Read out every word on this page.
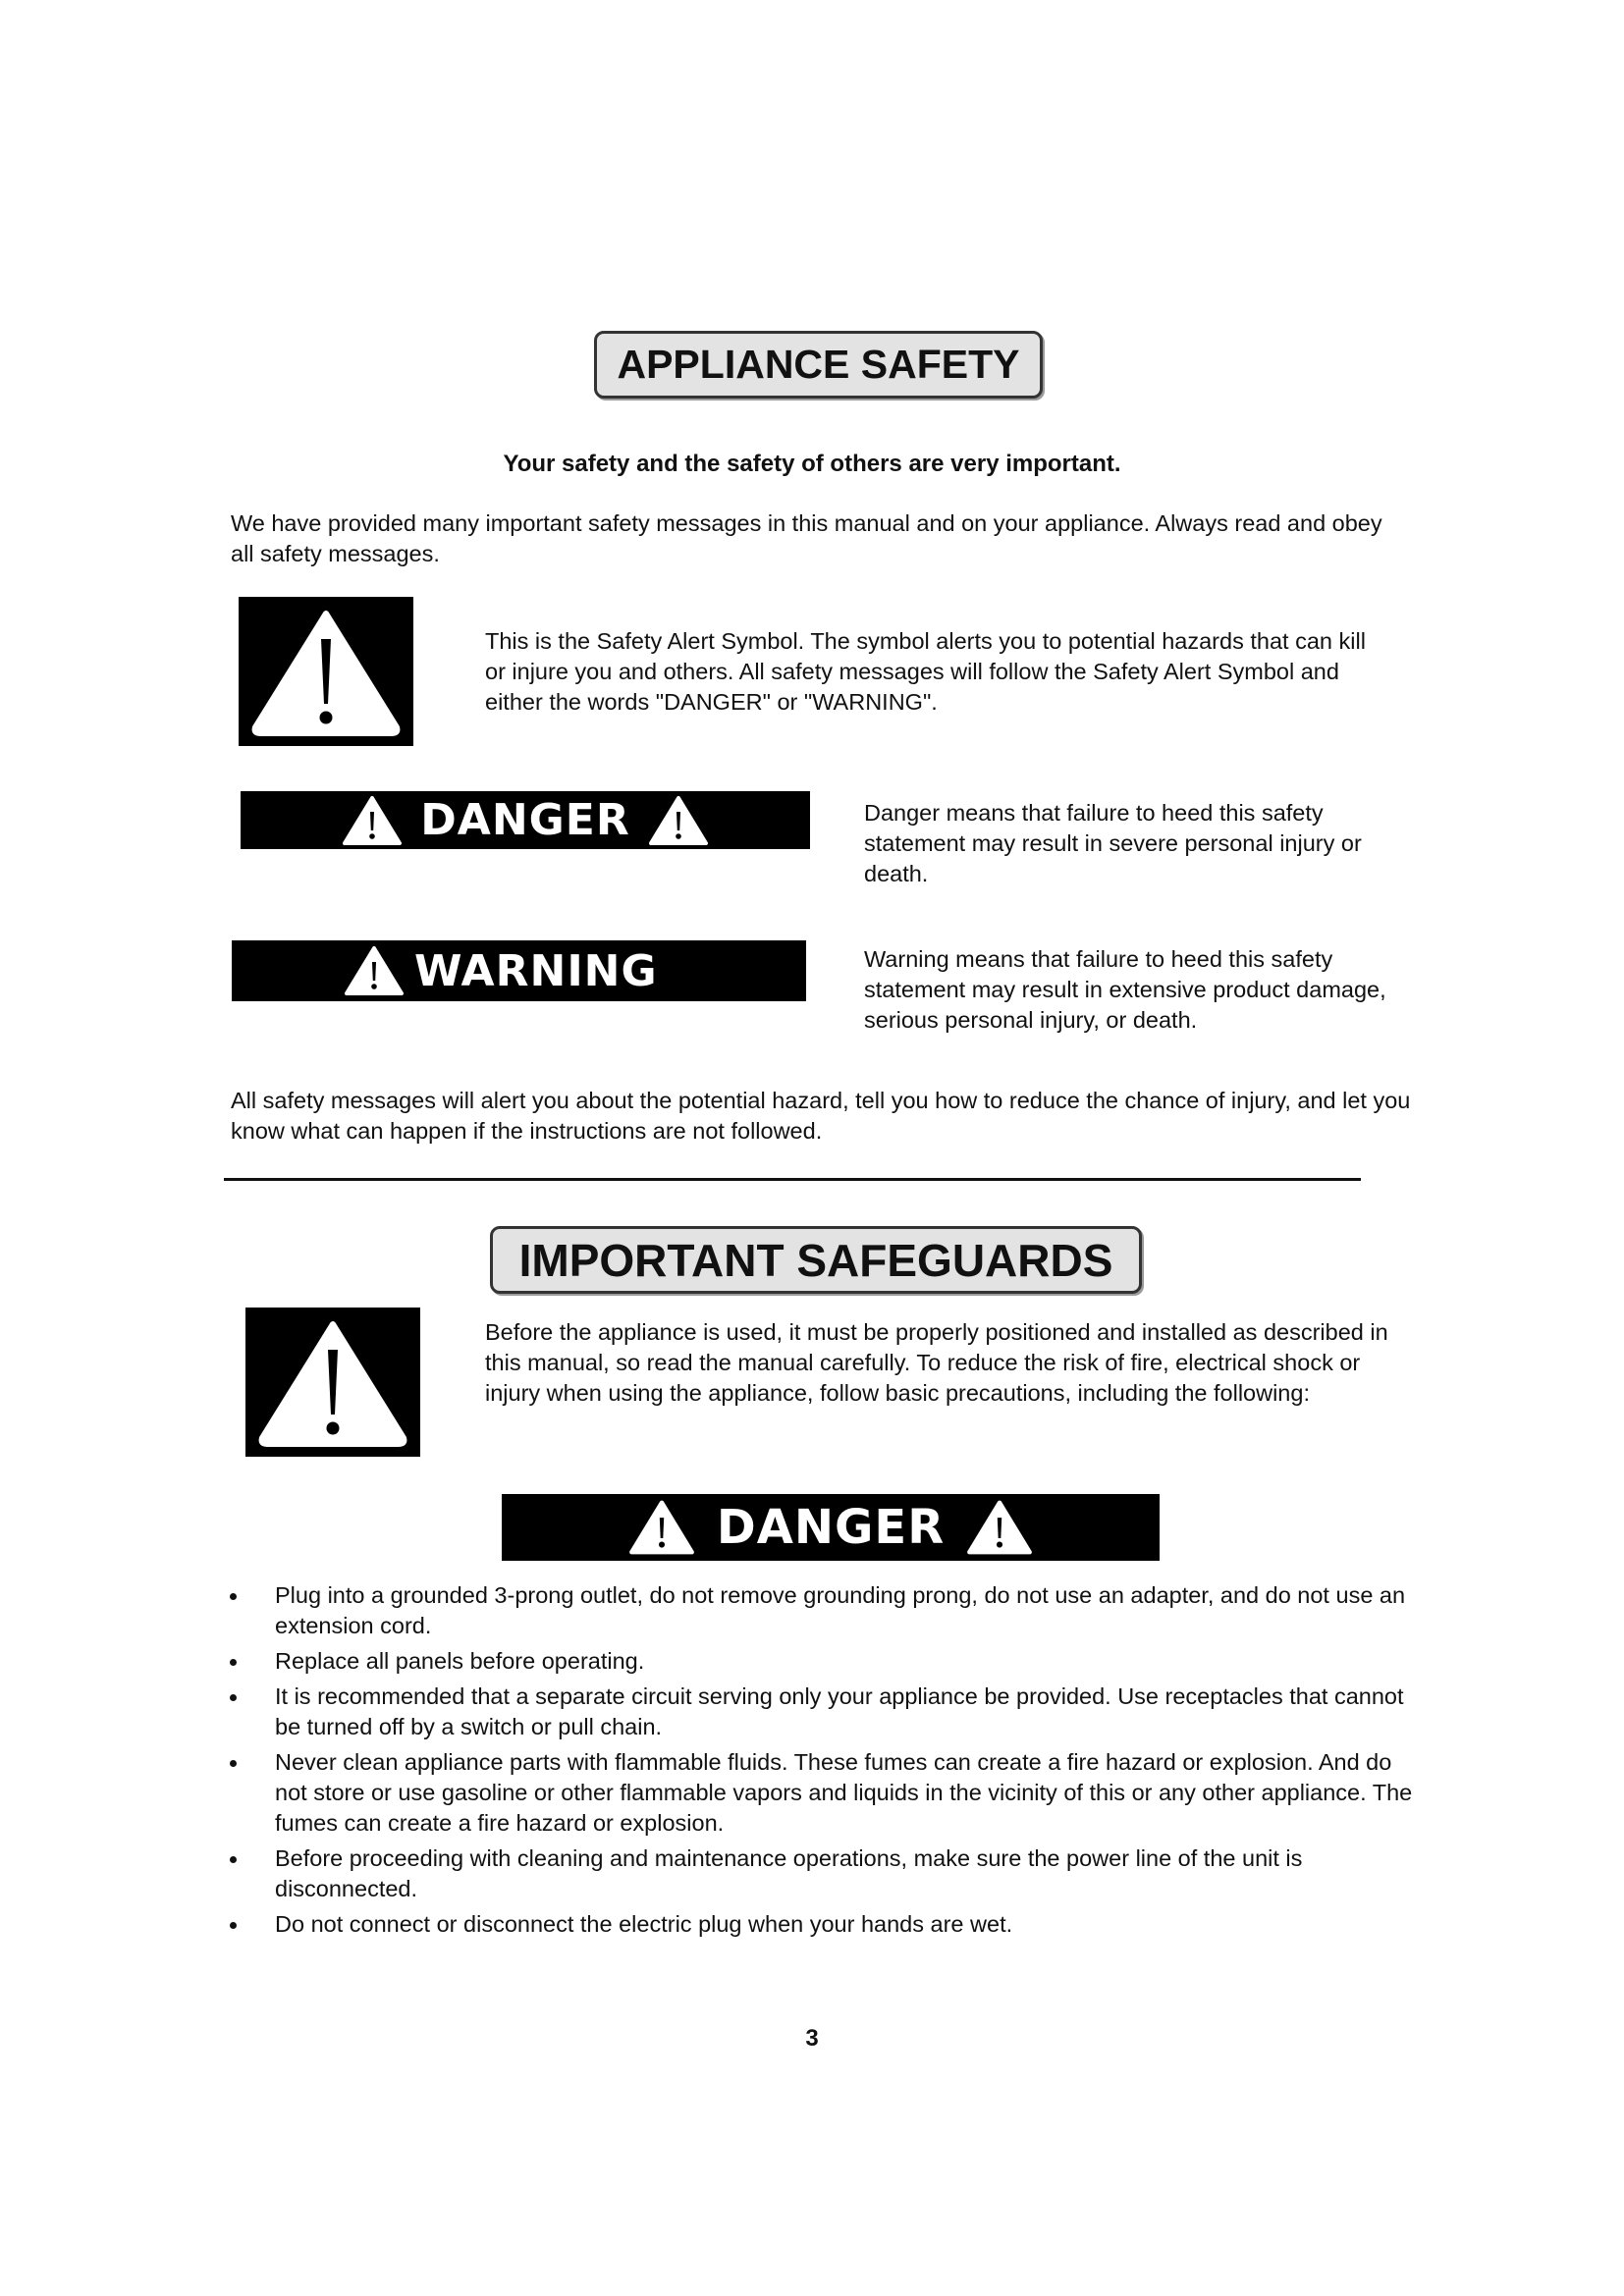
APPLIANCE SAFETY
Your safety and the safety of others are very important.
We have provided many important safety messages in this manual and on your appliance. Always read and obey all safety messages.
This is the Safety Alert Symbol. The symbol alerts you to potential hazards that can kill or injure you and others. All safety messages will follow the Safety Alert Symbol and either the words "DANGER" or "WARNING".
DANGER	Danger means that failure to heed this safety statement may result in severe personal injury or death.
WARNING	Warning means that failure to heed this safety statement may result in extensive product damage, serious personal injury, or death.
All safety messages will alert you about the potential hazard, tell you how to reduce the chance of injury, and let you know what can happen if the instructions are not followed.
IMPORTANT SAFEGUARDS
Before the appliance is used, it must be properly positioned and installed as described in this manual, so read the manual carefully. To reduce the risk of fire, electrical shock or injury when using the appliance, follow basic precautions, including the following:
DANGER
Plug into a grounded 3-prong outlet, do not remove grounding prong, do not use an adapter, and do not use an extension cord.
Replace all panels before operating.
It is recommended that a separate circuit serving only your appliance be provided. Use receptacles that cannot be turned off by a switch or pull chain.
Never clean appliance parts with flammable fluids. These fumes can create a fire hazard or explosion. And do not store or use gasoline or other flammable vapors and liquids in the vicinity of this or any other appliance. The fumes can create a fire hazard or explosion.
Before proceeding with cleaning and maintenance operations, make sure the power line of the unit is disconnected.
Do not connect or disconnect the electric plug when your hands are wet.
3
